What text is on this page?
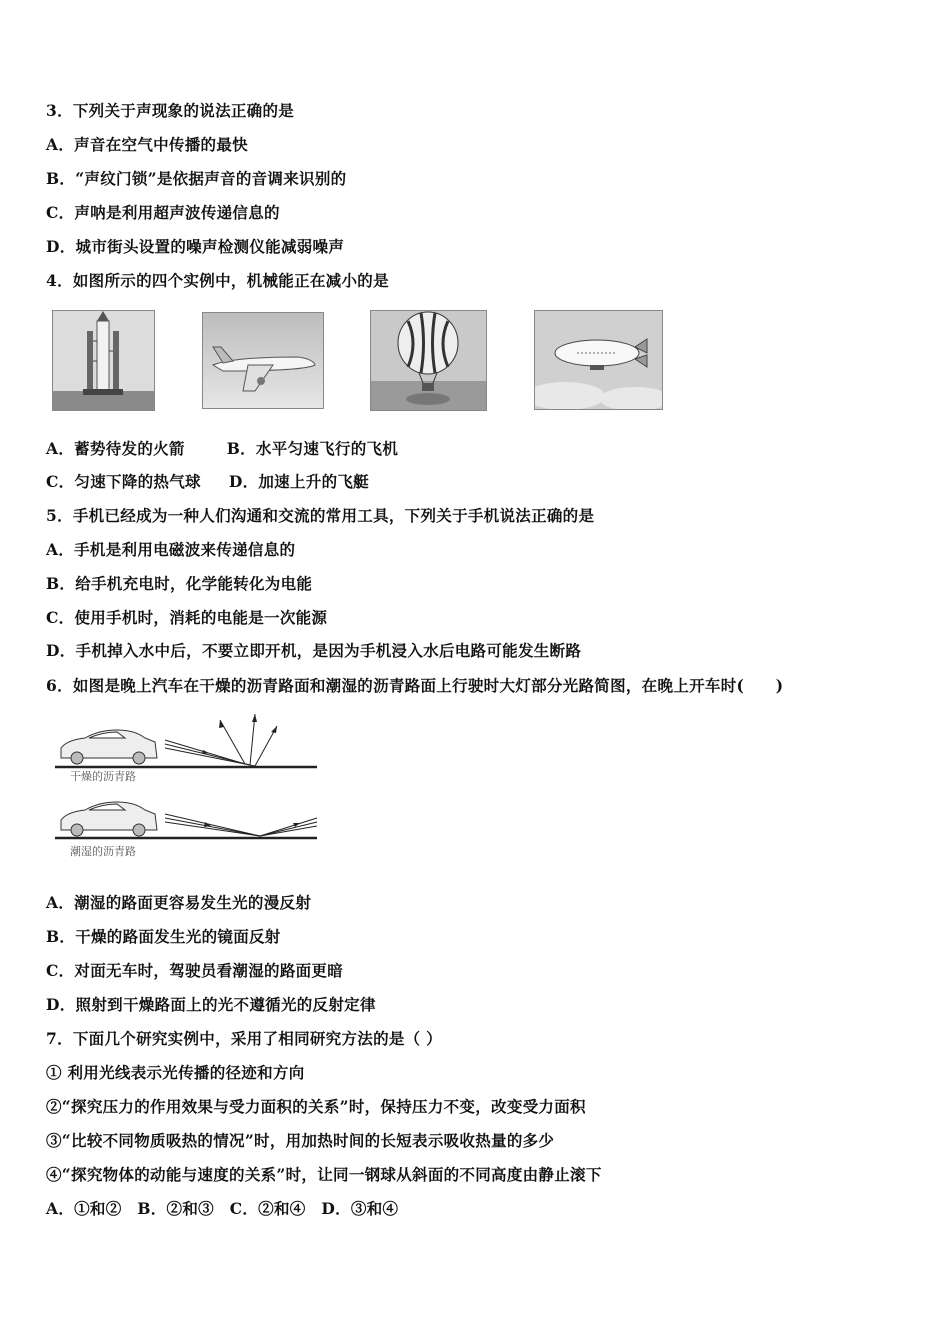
3．下列关于声现象的说法正确的是
A．声音在空气中传播的最快
B．“声纹门锁”是依据声音的音调来识别的
C．声呐是利用超声波传递信息的
D．城市街头设置的噪声检测仪能减弱噪声
4．如图所示的四个实例中，机械能正在减小的是
A．蓄势待发的火箭	B．水平匀速飞行的飞机
C．匀速下降的热气球 D．加速上升的飞艇
5．手机已经成为一种人们沟通和交流的常用工具，下列关于手机说法正确的是
A．手机是利用电磁波来传递信息的
B．给手机充电时，化学能转化为电能
C．使用手机时，消耗的电能是一次能源
D．手机掉入水中后，不要立即开机，是因为手机浸入水后电路可能发生断路
6．如图是晚上汽车在干燥的沥青路面和潮湿的沥青路面上行驶时大灯部分光路简图，在晚上开车时(　　)
干燥的沥青路
潮湿的沥青路
A．潮湿的路面更容易发生光的漫反射
B．干燥的路面发生光的镜面反射
C．对面无车时，驾驶员看潮湿的路面更暗
D．照射到干燥路面上的光不遵循光的反射定律
7．下面几个研究实例中，采用了相同研究方法的是（ ）
① 利用光线表示光传播的径迹和方向
②“探究压力的作用效果与受力面积的关系”时，保持压力不变，改变受力面积
③“比较不同物质吸热的情况”时，用加热时间的长短表示吸收热量的多少
④“探究物体的动能与速度的关系”时，让同一钢球从斜面的不同高度由静止滚下
A．①和②　B．②和③　C．②和④　D．③和④
